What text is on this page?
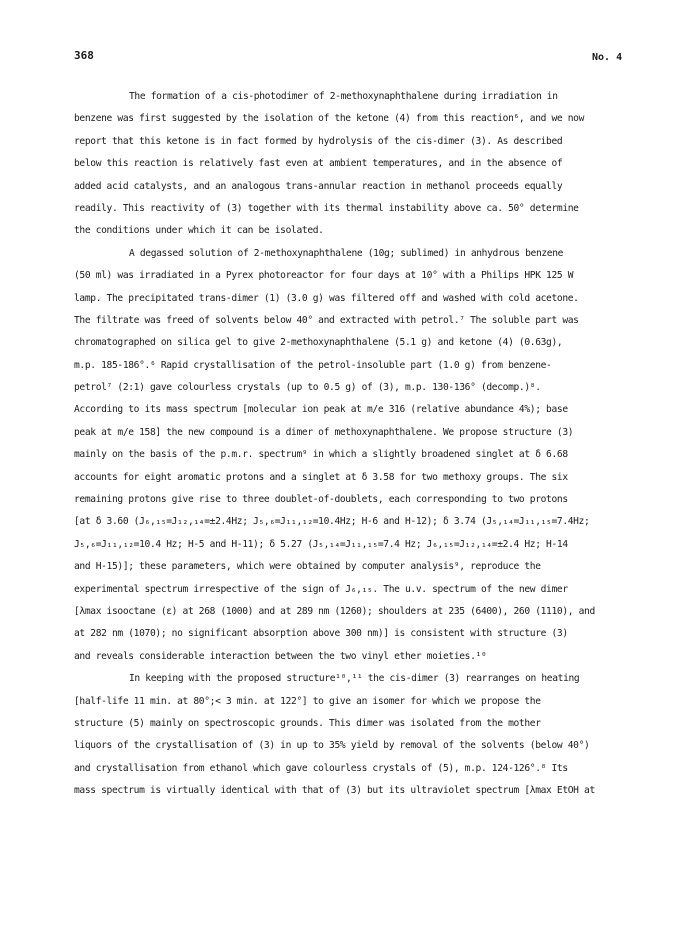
368	No. 4
The formation of a cis-photodimer of 2-methoxynaphthalene during irradiation in
benzene was first suggested by the isolation of the ketone (4) from this reaction⁶, and we now
report that this ketone is in fact formed by hydrolysis of the cis-dimer (3). As described
below this reaction is relatively fast even at ambient temperatures, and in the absence of
added acid catalysts, and an analogous trans-annular reaction in methanol proceeds equally
readily. This reactivity of (3) together with its thermal instability above ca. 50° determine
the conditions under which it can be isolated.
A degassed solution of 2-methoxynaphthalene (10g; sublimed) in anhydrous benzene
(50 ml) was irradiated in a Pyrex photoreactor for four days at 10° with a Philips HPK 125 W
lamp. The precipitated trans-dimer (1) (3.0 g) was filtered off and washed with cold acetone.
The filtrate was freed of solvents below 40° and extracted with petrol.⁷ The soluble part was
chromatographed on silica gel to give 2-methoxynaphthalene (5.1 g) and ketone (4) (0.63g),
m.p. 185-186°.⁶ Rapid crystallisation of the petrol-insoluble part (1.0 g) from benzene-
petrol⁷ (2:1) gave colourless crystals (up to 0.5 g) of (3), m.p. 130-136° (decomp.)⁸.
According to its mass spectrum [molecular ion peak at m/e 316 (relative abundance 4%); base
peak at m/e 158] the new compound is a dimer of methoxynaphthalene. We propose structure (3)
mainly on the basis of the p.m.r. spectrum⁹ in which a slightly broadened singlet at δ 6.68
accounts for eight aromatic protons and a singlet at δ 3.58 for two methoxy groups. The six
remaining protons give rise to three doublet-of-doublets, each corresponding to two protons
[at δ 3.60 (J₆,₁₅=J₁₂,₁₄=±2.4Hz; J₅,₆=J₁₁,₁₂=10.4Hz; H-6 and H-12); δ 3.74 (J₅,₁₄=J₁₁,₁₅=7.4Hz;
J₅,₆=J₁₁,₁₂=10.4 Hz; H-5 and H-11); δ 5.27 (J₅,₁₄=J₁₁,₁₅=7.4 Hz; J₆,₁₅=J₁₂,₁₄=±2.4 Hz; H-14
and H-15)]; these parameters, which were obtained by computer analysis⁹, reproduce the
experimental spectrum irrespective of the sign of J₆,₁₅. The u.v. spectrum of the new dimer
[λmax isooctane (ε) at 268 (1000) and at 289 nm (1260); shoulders at 235 (6400), 260 (1110), and
at 282 nm (1070); no significant absorption above 300 nm)] is consistent with structure (3)
and reveals considerable interaction between the two vinyl ether moieties.¹⁰
In keeping with the proposed structure¹⁰,¹¹ the cis-dimer (3) rearranges on heating
[half-life 11 min. at 80°;< 3 min. at 122°] to give an isomer for which we propose the
structure (5) mainly on spectroscopic grounds. This dimer was isolated from the mother
liquors of the crystallisation of (3) in up to 35% yield by removal of the solvents (below 40°)
and crystallisation from ethanol which gave colourless crystals of (5), m.p. 124-126°.⁸ Its
mass spectrum is virtually identical with that of (3) but its ultraviolet spectrum [λmax EtOH at
